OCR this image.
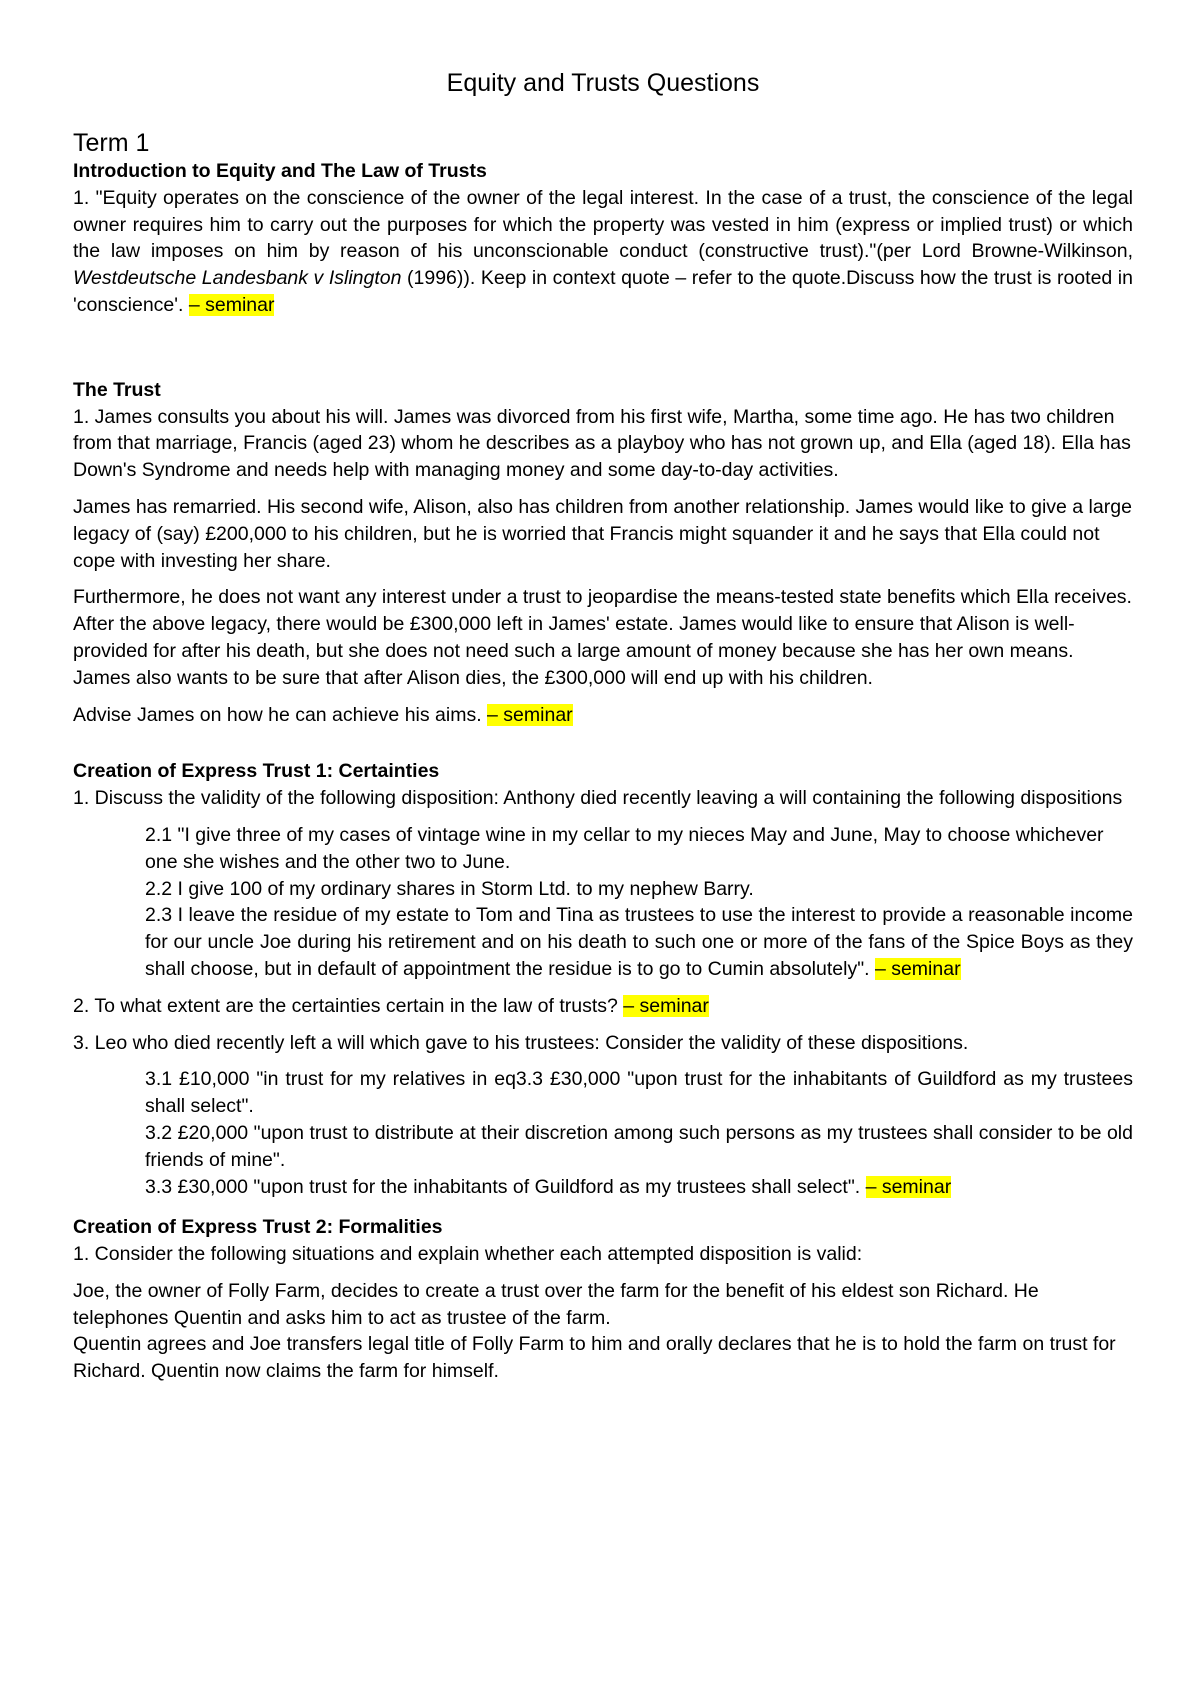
Equity and Trusts Questions
Term 1
Introduction to Equity and The Law of Trusts

1. "Equity operates on the conscience of the owner of the legal interest. In the case of a trust, the conscience of the legal owner requires him to carry out the purposes for which the property was vested in him (express or implied trust) or which the law imposes on him by reason of his unconscionable conduct (constructive trust)."(per Lord Browne-Wilkinson, Westdeutsche Landesbank v Islington (1996)). Keep in context quote – refer to the quote.Discuss how the trust is rooted in 'conscience'. – seminar

The Trust

1. James consults you about his will. James was divorced from his first wife, Martha, some time ago. He has two children from that marriage, Francis (aged 23) whom he describes as a playboy who has not grown up, and Ella (aged 18). Ella has Down's Syndrome and needs help with managing money and some day-to-day activities.

James has remarried. His second wife, Alison, also has children from another relationship. James would like to give a large legacy of (say) £200,000 to his children, but he is worried that Francis might squander it and he says that Ella could not cope with investing her share.

Furthermore, he does not want any interest under a trust to jeopardise the means-tested state benefits which Ella receives. After the above legacy, there would be £300,000 left in James' estate. James would like to ensure that Alison is well-provided for after his death, but she does not need such a large amount of money because she has her own means. James also wants to be sure that after Alison dies, the £300,000 will end up with his children.

Advise James on how he can achieve his aims. – seminar

Creation of Express Trust 1: Certainties

1. Discuss the validity of the following disposition: Anthony died recently leaving a will containing the following dispositions

2.1 "I give three of my cases of vintage wine in my cellar to my nieces May and June, May to choose whichever one she wishes and the other two to June.

2.2 I give 100 of my ordinary shares in Storm Ltd. to my nephew Barry.

2.3 I leave the residue of my estate to Tom and Tina as trustees to use the interest to provide a reasonable income for our uncle Joe during his retirement and on his death to such one or more of the fans of the Spice Boys as they shall choose, but in default of appointment the residue is to go to Cumin absolutely". – seminar

2. To what extent are the certainties certain in the law of trusts? – seminar

3. Leo who died recently left a will which gave to his trustees: Consider the validity of these dispositions.

3.1 £10,000 "in trust for my relatives in eq3.3 £30,000 "upon trust for the inhabitants of Guildford as my trustees shall select".

3.2 £20,000 "upon trust to distribute at their discretion among such persons as my trustees shall consider to be old friends of mine".

3.3 £30,000 "upon trust for the inhabitants of Guildford as my trustees shall select". – seminar

Creation of Express Trust 2: Formalities

1. Consider the following situations and explain whether each attempted disposition is valid:

Joe, the owner of Folly Farm, decides to create a trust over the farm for the benefit of his eldest son Richard. He telephones Quentin and asks him to act as trustee of the farm.

Quentin agrees and Joe transfers legal title of Folly Farm to him and orally declares that he is to hold the farm on trust for Richard. Quentin now claims the farm for himself.
